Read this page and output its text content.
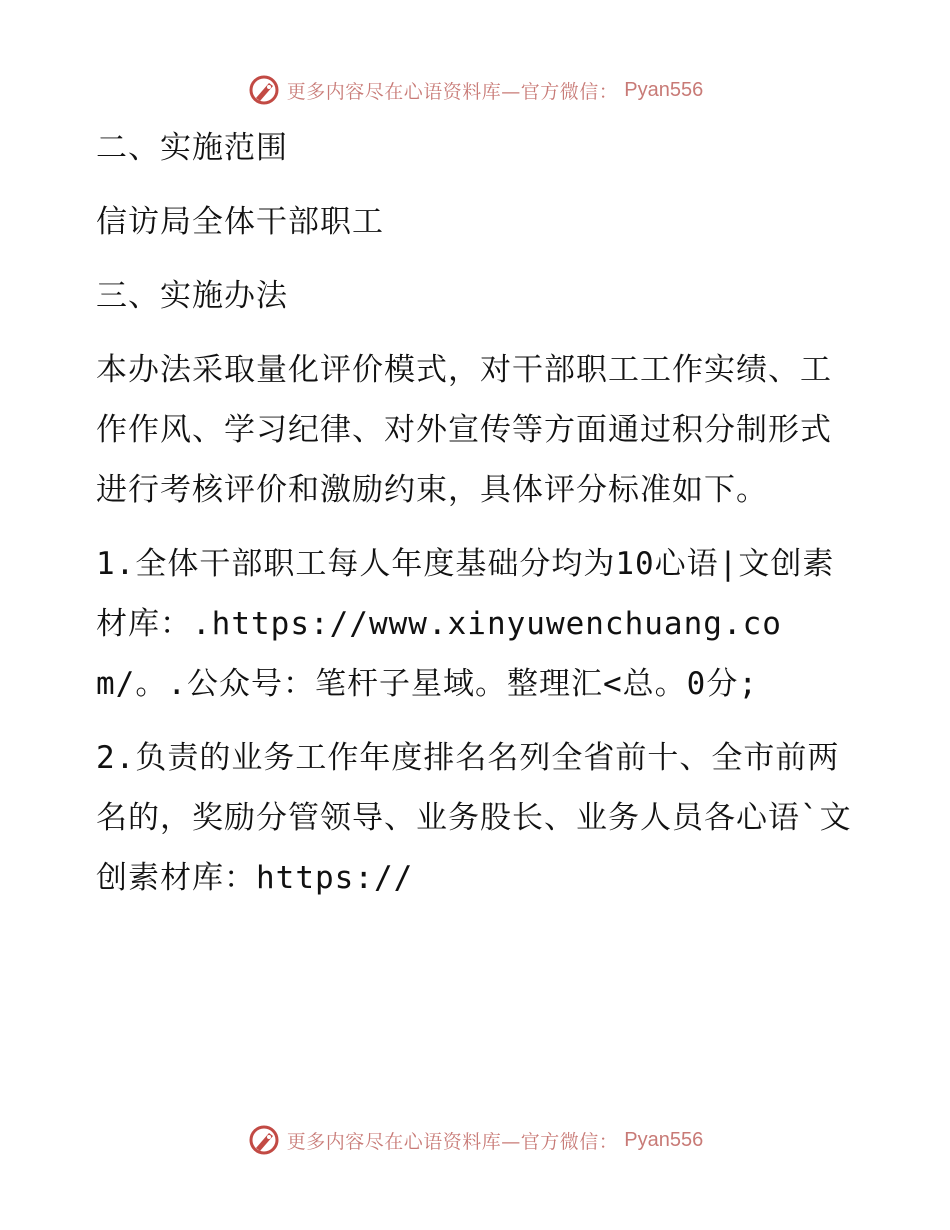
更多内容尽在心语资料库—官方微信： Pyan556

二、实施范围

信访局全体干部职工

三、实施办法

本办法采取量化评价模式，对干部职工工作实绩、工作作风、学习纪律、对外宣传等方面通过积分制形式进行考核评价和激励约束，具体评分标准如下。

1.全体干部职工每人年度基础分均为10心语|文创素材库：.https://www.xinyuwenchuang.com/。.公众号：笔杆子星域。整理汇<总。0分;

2.负责的业务工作年度排名名列全省前十、全市前两名的，奖励分管领导、业务股长、业务人员各心语`文创素材库：https://

更多内容尽在心语资料库—官方微信： Pyan556
